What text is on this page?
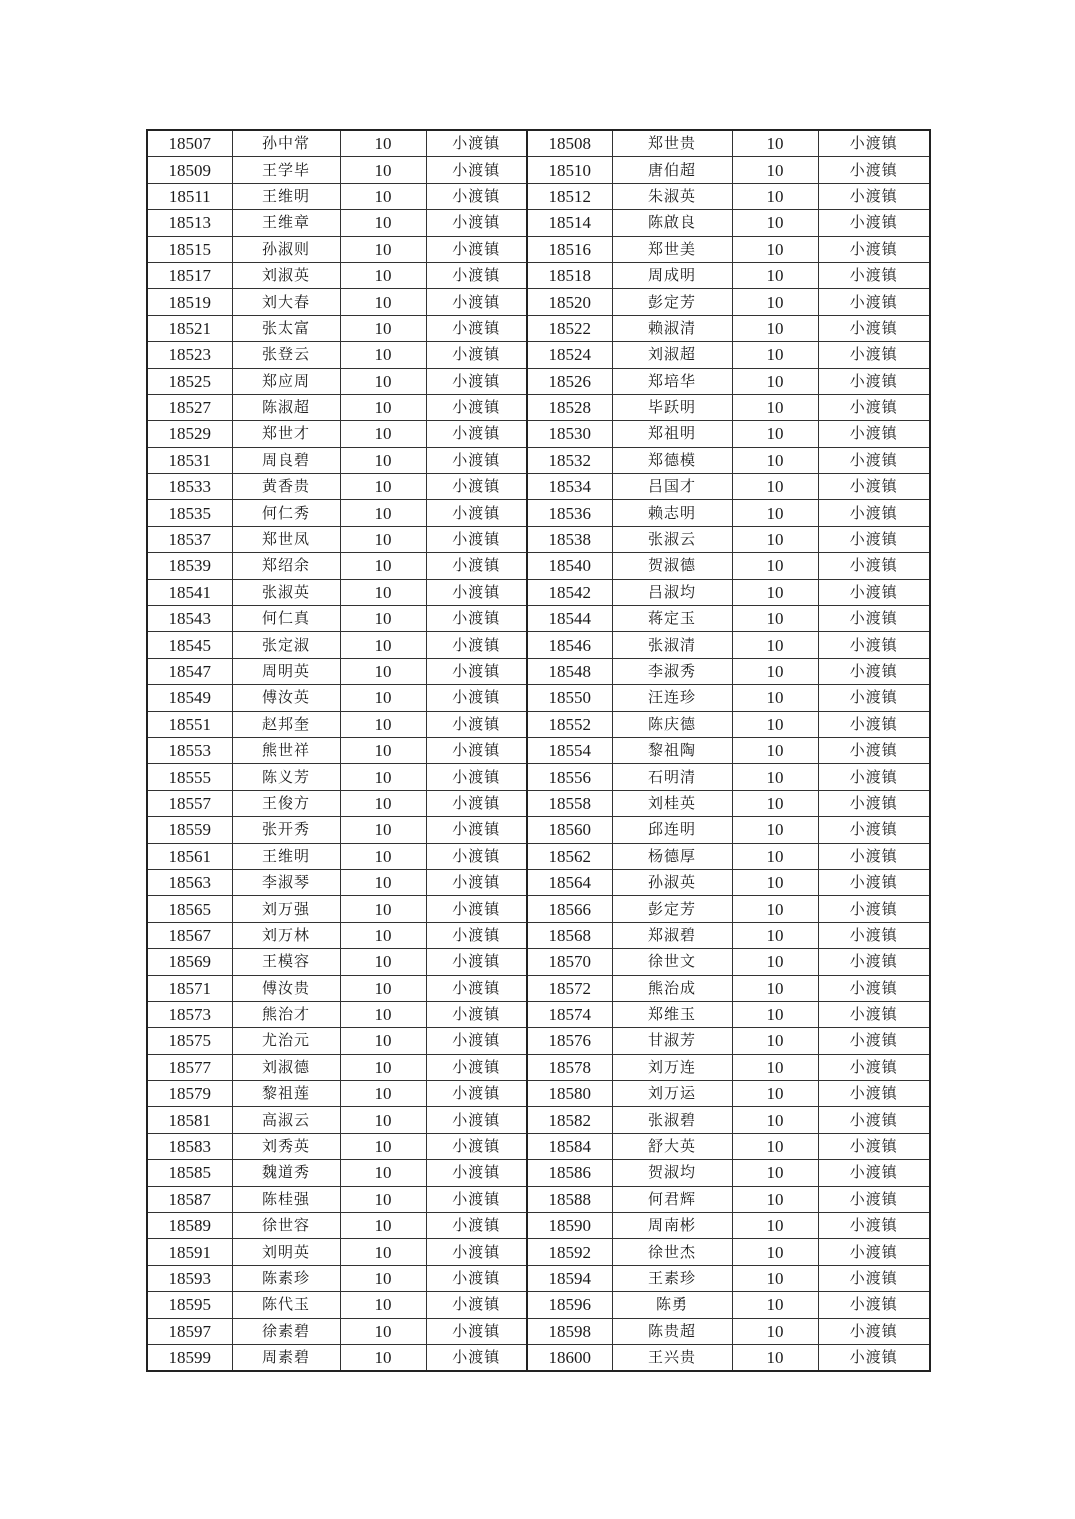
18507	孙中常	10	小渡镇	18508	郑世贵	10	小渡镇
18509	王学毕	10	小渡镇	18510	唐伯超	10	小渡镇
18511	王维明	10	小渡镇	18512	朱淑英	10	小渡镇
18513	王维章	10	小渡镇	18514	陈啟良	10	小渡镇
18515	孙淑则	10	小渡镇	18516	郑世美	10	小渡镇
18517	刘淑英	10	小渡镇	18518	周成明	10	小渡镇
18519	刘大春	10	小渡镇	18520	彭定芳	10	小渡镇
18521	张太富	10	小渡镇	18522	赖淑清	10	小渡镇
18523	张登云	10	小渡镇	18524	刘淑超	10	小渡镇
18525	郑应周	10	小渡镇	18526	郑培华	10	小渡镇
18527	陈淑超	10	小渡镇	18528	毕跃明	10	小渡镇
18529	郑世才	10	小渡镇	18530	郑祖明	10	小渡镇
18531	周良碧	10	小渡镇	18532	郑德模	10	小渡镇
18533	黄香贵	10	小渡镇	18534	吕国才	10	小渡镇
18535	何仁秀	10	小渡镇	18536	赖志明	10	小渡镇
18537	郑世凤	10	小渡镇	18538	张淑云	10	小渡镇
18539	郑绍余	10	小渡镇	18540	贺淑德	10	小渡镇
18541	张淑英	10	小渡镇	18542	吕淑均	10	小渡镇
18543	何仁真	10	小渡镇	18544	蒋定玉	10	小渡镇
18545	张定淑	10	小渡镇	18546	张淑清	10	小渡镇
18547	周明英	10	小渡镇	18548	李淑秀	10	小渡镇
18549	傅汝英	10	小渡镇	18550	汪连珍	10	小渡镇
18551	赵邦奎	10	小渡镇	18552	陈庆德	10	小渡镇
18553	熊世祥	10	小渡镇	18554	黎祖陶	10	小渡镇
18555	陈义芳	10	小渡镇	18556	石明清	10	小渡镇
18557	王俊方	10	小渡镇	18558	刘桂英	10	小渡镇
18559	张开秀	10	小渡镇	18560	邱连明	10	小渡镇
18561	王维明	10	小渡镇	18562	杨德厚	10	小渡镇
18563	李淑琴	10	小渡镇	18564	孙淑英	10	小渡镇
18565	刘万强	10	小渡镇	18566	彭定芳	10	小渡镇
18567	刘万林	10	小渡镇	18568	郑淑碧	10	小渡镇
18569	王模容	10	小渡镇	18570	徐世文	10	小渡镇
18571	傅汝贵	10	小渡镇	18572	熊治成	10	小渡镇
18573	熊治才	10	小渡镇	18574	郑维玉	10	小渡镇
18575	尤治元	10	小渡镇	18576	甘淑芳	10	小渡镇
18577	刘淑德	10	小渡镇	18578	刘万连	10	小渡镇
18579	黎祖莲	10	小渡镇	18580	刘万运	10	小渡镇
18581	高淑云	10	小渡镇	18582	张淑碧	10	小渡镇
18583	刘秀英	10	小渡镇	18584	舒大英	10	小渡镇
18585	魏道秀	10	小渡镇	18586	贺淑均	10	小渡镇
18587	陈桂强	10	小渡镇	18588	何君辉	10	小渡镇
18589	徐世容	10	小渡镇	18590	周南彬	10	小渡镇
18591	刘明英	10	小渡镇	18592	徐世杰	10	小渡镇
18593	陈素珍	10	小渡镇	18594	王素珍	10	小渡镇
18595	陈代玉	10	小渡镇	18596	陈勇	10	小渡镇
18597	徐素碧	10	小渡镇	18598	陈贵超	10	小渡镇
18599	周素碧	10	小渡镇	18600	王兴贵	10	小渡镇
